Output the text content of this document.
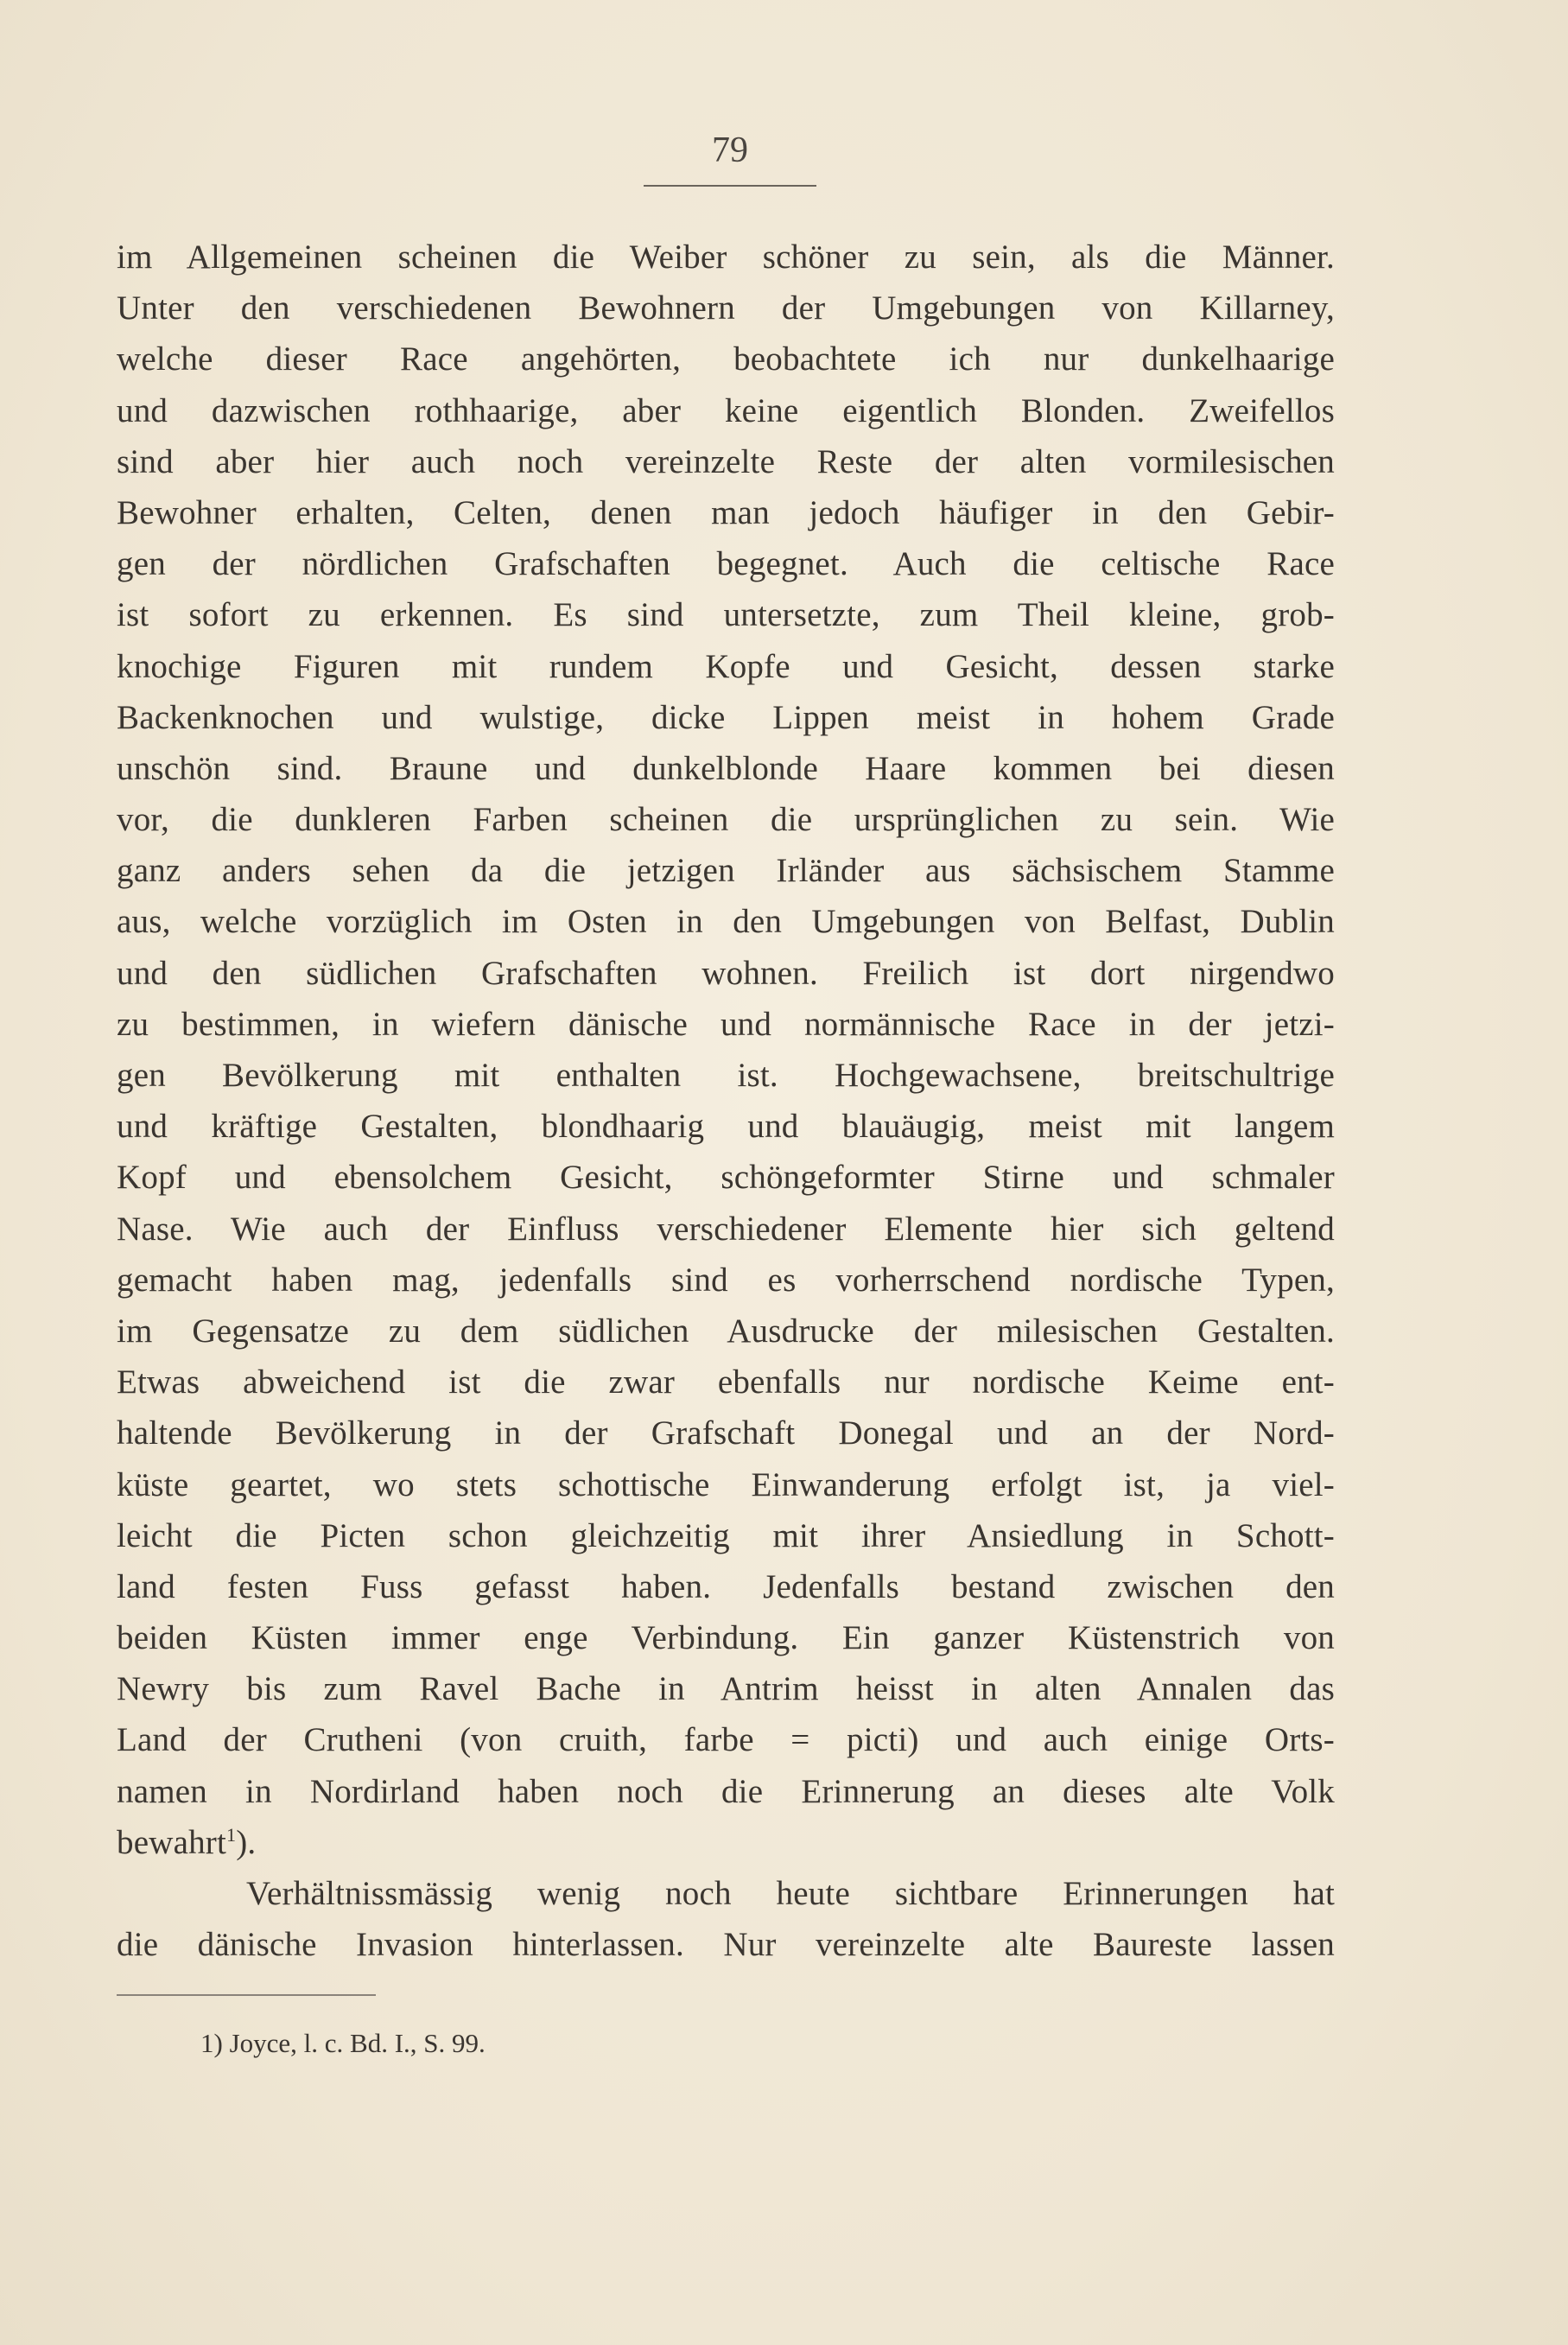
79
im Allgemeinen scheinen die Weiber schöner zu sein, als die Männer.
Unter den verschiedenen Bewohnern der Umgebungen von Killarney,
welche dieser Race angehörten, beobachtete ich nur dunkelhaarige
und dazwischen rothhaarige, aber keine eigentlich Blonden. Zweifellos
sind aber hier auch noch vereinzelte Reste der alten vormilesischen
Bewohner erhalten, Celten, denen man jedoch häufiger in den Gebir-
gen der nördlichen Grafschaften begegnet. Auch die celtische Race
ist sofort zu erkennen. Es sind untersetzte, zum Theil kleine, grob-
knochige Figuren mit rundem Kopfe und Gesicht, dessen starke
Backenknochen und wulstige, dicke Lippen meist in hohem Grade
unschön sind. Braune und dunkelblonde Haare kommen bei diesen
vor, die dunkleren Farben scheinen die ursprünglichen zu sein. Wie
ganz anders sehen da die jetzigen Irländer aus sächsischem Stamme
aus, welche vorzüglich im Osten in den Umgebungen von Belfast, Dublin
und den südlichen Grafschaften wohnen. Freilich ist dort nirgendwo
zu bestimmen, in wiefern dänische und normännische Race in der jetzi-
gen Bevölkerung mit enthalten ist. Hochgewachsene, breitschultrige
und kräftige Gestalten, blondhaarig und blauäugig, meist mit langem
Kopf und ebensolchem Gesicht, schöngeformter Stirne und schmaler
Nase. Wie auch der Einfluss verschiedener Elemente hier sich geltend
gemacht haben mag, jedenfalls sind es vorherrschend nordische Typen,
im Gegensatze zu dem südlichen Ausdrucke der milesischen Gestalten.
Etwas abweichend ist die zwar ebenfalls nur nordische Keime ent-
haltende Bevölkerung in der Grafschaft Donegal und an der Nord-
küste geartet, wo stets schottische Einwanderung erfolgt ist, ja viel-
leicht die Picten schon gleichzeitig mit ihrer Ansiedlung in Schott-
land festen Fuss gefasst haben. Jedenfalls bestand zwischen den
beiden Küsten immer enge Verbindung. Ein ganzer Küstenstrich von
Newry bis zum Ravel Bache in Antrim heisst in alten Annalen das
Land der Crutheni (von cruith, farbe = picti) und auch einige Orts-
namen in Nordirland haben noch die Erinnerung an dieses alte Volk
bewahrt$^1$).
Verhältnissmässig wenig noch heute sichtbare Erinnerungen hat
die dänische Invasion hinterlassen. Nur vereinzelte alte Baureste lassen
1) Joyce, l. c. Bd. I., S. 99.
